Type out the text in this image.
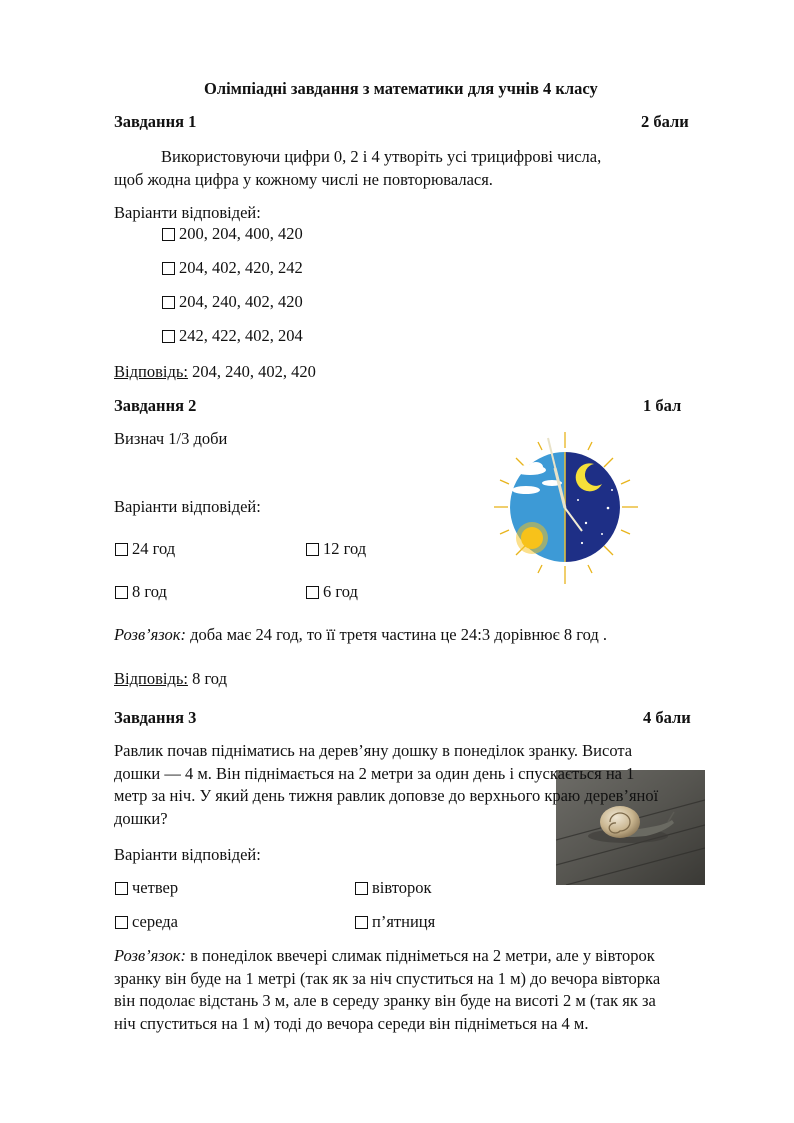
Олімпіадні завдання з математики для учнів 4 класу
Завдання 1	2 бали
Використовуючи цифри 0, 2 і 4 утворіть усі трицифрові числа,
щоб жодна цифра у кожному числі не повторювалася.
Варіанти відповідей:
200, 204, 400, 420
204, 402, 420, 242
204, 240, 402, 420
242, 422, 402, 204
Відповідь: 204, 240, 402, 420
Завдання 2	1 бал
Визнач 1/3 доби
Варіанти відповідей:
24 год	12 год
8 год	6 год
Розв’язок: доба має 24 год, то її третя частина це 24:3 дорівнює 8 год .
Відповідь: 8 год
Завдання 3	4 бали
Равлик почав підніматись на дерев’яну дошку в понеділок зранку. Висота
дошки — 4 м. Він піднімається на 2 метри за один день і спускається на 1
метр за ніч. У який день тижня равлик доповзе до верхнього краю дерев’яної
дошки?
Варіанти відповідей:
четвер	вівторок
середа	п’ятниця
Розв’язок: в понеділок ввечері слимак підніметься на 2 метри, але у вівторок
зранку він буде на 1 метрі (так як за ніч спуститься на 1 м) до вечора вівторка
він подолає відстань 3 м, але в середу зранку він буде на висоті 2 м (так як за
ніч спуститься на 1 м) тоді до вечора середи він підніметься на 4 м.
